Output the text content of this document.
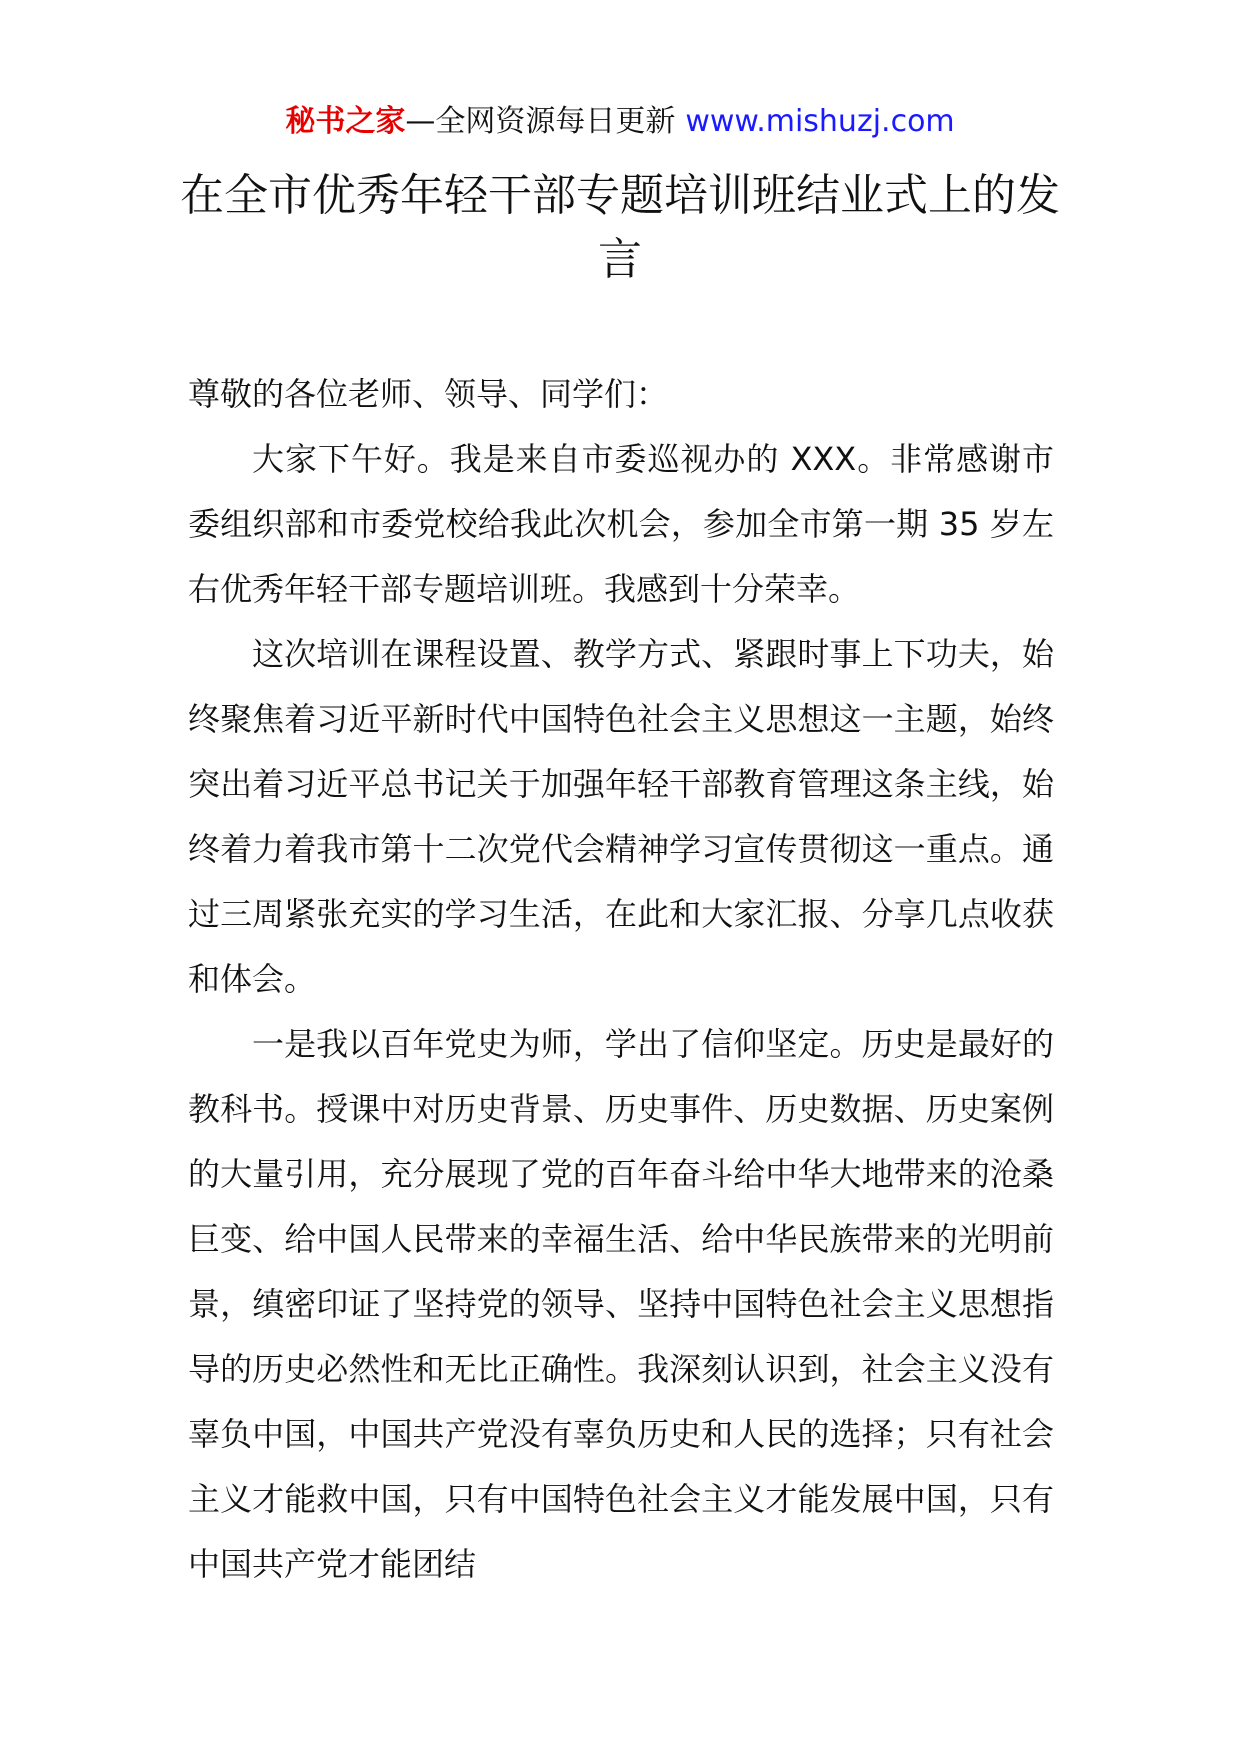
秘书之家—全网资源每日更新 www.mishuzj.com
在全市优秀年轻干部专题培训班结业式上的发言

尊敬的各位老师、领导、同学们：

大家下午好。我是来自市委巡视办的 XXX。非常感谢市委组织部和市委党校给我此次机会，参加全市第一期 35 岁左右优秀年轻干部专题培训班。我感到十分荣幸。

这次培训在课程设置、教学方式、紧跟时事上下功夫，始终聚焦着习近平新时代中国特色社会主义思想这一主题，始终突出着习近平总书记关于加强年轻干部教育管理这条主线，始终着力着我市第十二次党代会精神学习宣传贯彻这一重点。通过三周紧张充实的学习生活，在此和大家汇报、分享几点收获和体会。

一是我以百年党史为师，学出了信仰坚定。历史是最好的教科书。授课中对历史背景、历史事件、历史数据、历史案例的大量引用，充分展现了党的百年奋斗给中华大地带来的沧桑巨变、给中国人民带来的幸福生活、给中华民族带来的光明前景，缜密印证了坚持党的领导、坚持中国特色社会主义思想指导的历史必然性和无比正确性。我深刻认识到，社会主义没有辜负中国，中国共产党没有辜负历史和人民的选择；只有社会主义才能救中国，只有中国特色社会主义才能发展中国，只有中国共产党才能团结
